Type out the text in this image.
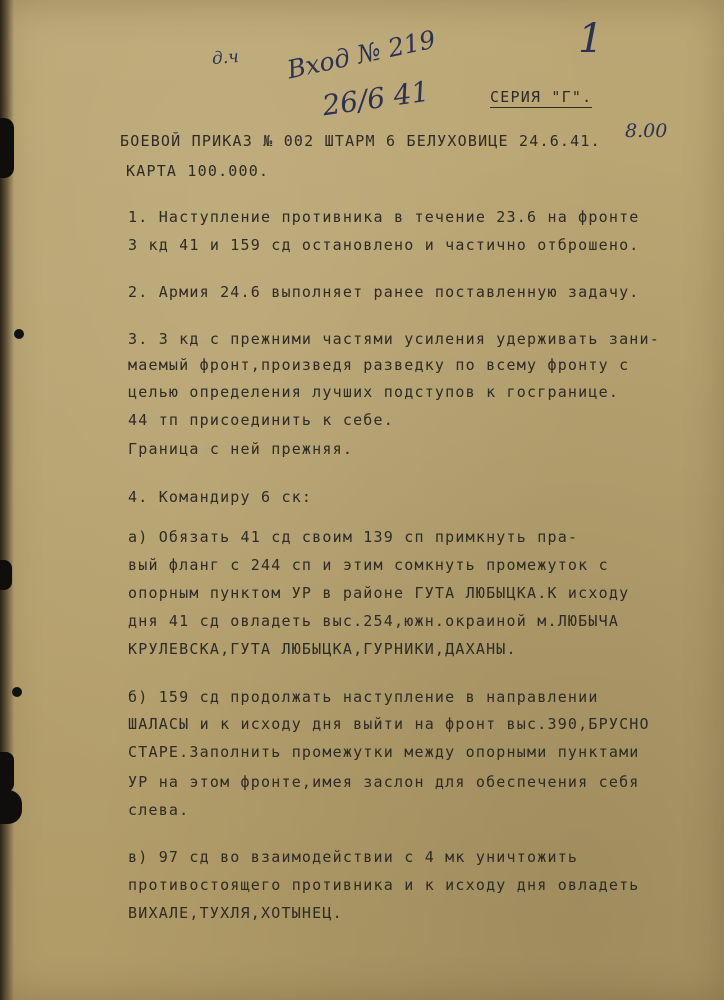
1
д.ч Вход № 219
26/6 41
8.00
СЕРИЯ "Г".
БОЕВОЙ ПРИКАЗ № 002 ШТАРМ 6 БЕЛУХОВИЦЕ 24.6.41.
КАРТА 100.000.
1. Наступление противника в течение 23.6 на фронте
3 кд 41 и 159 сд остановлено и частично отброшено.
2. Армия 24.6 выполняет ранее поставленную задачу.
3. 3 кд с прежними частями усиления удерживать зани-
маемый фронт,произведя разведку по всему фронту с
целью определения лучших подступов к госгранице.
44 тп присоединить к себе.
Граница с ней прежняя.
4. Командиру 6 ск:
а) Обязать 41 сд своим 139 сп примкнуть пра-
вый фланг с 244 сп и этим сомкнуть промежуток с
опорным пунктом УР в районе ГУТА ЛЮБЫЦКА.К исходу
дня 41 сд овладеть выс.254,южн.окраиной м.ЛЮБЫЧА
КРУЛЕВСКА,ГУТА ЛЮБЫЦКА,ГУРНИКИ,ДАХАНЫ.
б) 159 сд продолжать наступление в направлении
ШАЛАСЫ и к исходу дня выйти на фронт выс.390,БРУСНО
СТАРЕ.Заполнить промежутки между опорными пунктами
УР на этом фронте,имея заслон для обеспечения себя
слева.
в) 97 сд во взаимодействии с 4 мк уничтожить
противостоящего противника и к исходу дня овладеть
ВИХАЛЕ,ТУХЛЯ,ХОТЫНЕЦ.
